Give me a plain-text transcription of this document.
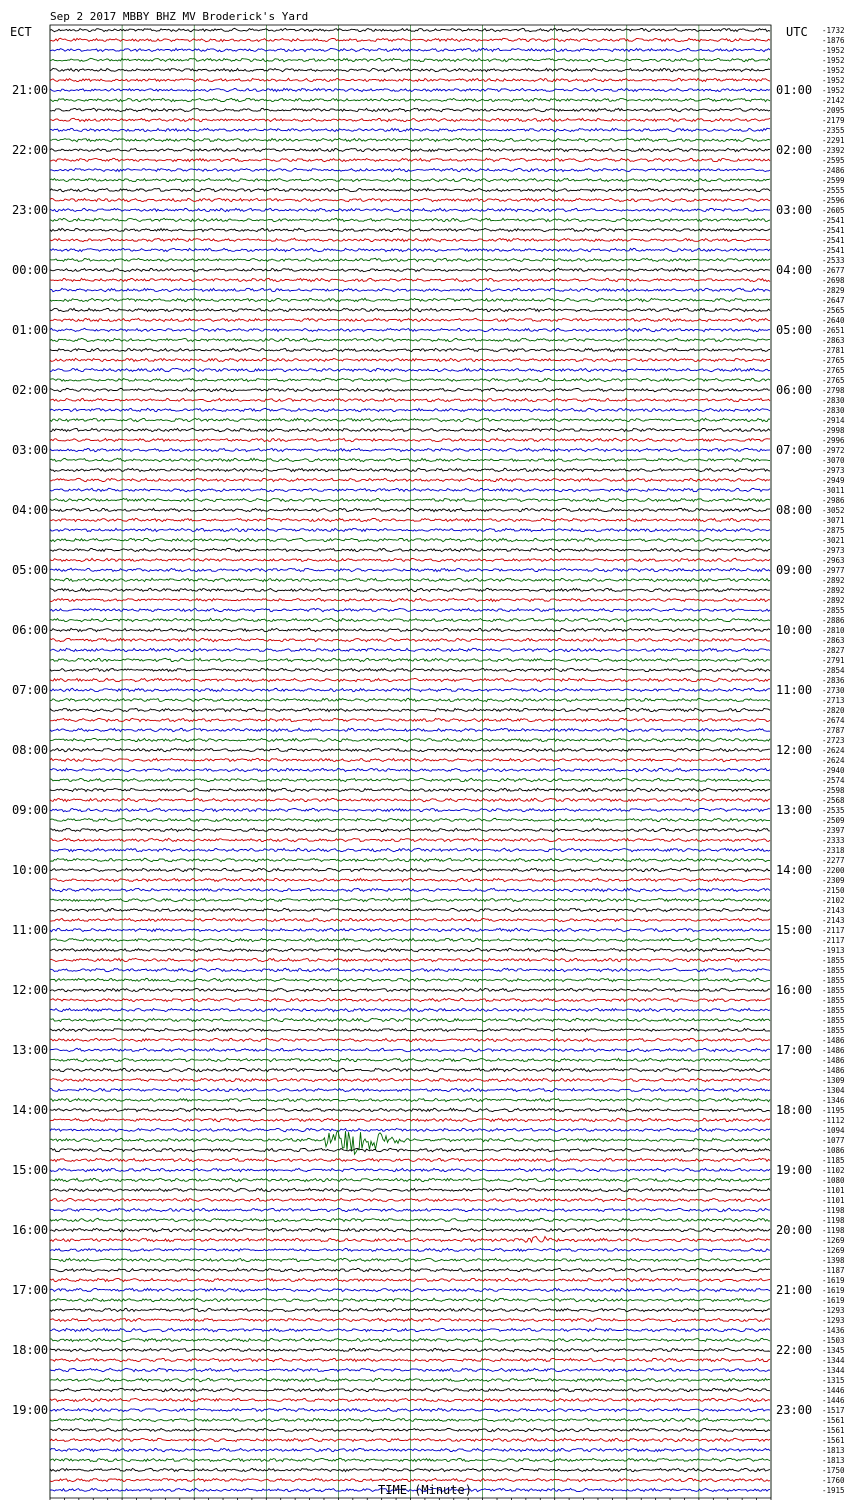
Sep 2 2017 MBBY BHZ MV Broderick's Yard
ECT	UTC
21:00
22:00
23:00
00:00
01:00
02:00
03:00
04:00
05:00
06:00
07:00
08:00
09:00
10:00
11:00
12:00
13:00
14:00
15:00
16:00
17:00
18:00
19:00
01:00
02:00
03:00
04:00
05:00
06:00
07:00
08:00
09:00
10:00
11:00
12:00
13:00
14:00
15:00
16:00
17:00
18:00
19:00
20:00
21:00
22:00
23:00
-1732
-1876
-1952
-1952
-1952
-1952
-1952
-2142
-2095
-2179
-2355
-2291
-2392
-2595
-2486
-2599
-2555
-2596
-2605
-2541
-2541
-2541
-2541
-2533
-2677
-2698
-2829
-2647
-2565
-2640
-2651
-2863
-2781
-2765
-2765
-2765
-2798
-2830
-2830
-2914
-2998
-2996
-2972
-3070
-2973
-2949
-3011
-2986
-3052
-3071
-2875
-3021
-2973
-2963
-2977
-2892
-2892
-2892
-2855
-2886
-2810
-2863
-2827
-2791
-2854
-2836
-2730
-2713
-2820
-2674
-2787
-2723
-2624
-2624
-2940
-2574
-2598
-2568
-2535
-2509
-2397
-2333
-2318
-2277
-2200
-2309
-2150
-2102
-2143
-2143
-2117
-2117
-1913
-1855
-1855
-1855
-1855
-1855
-1855
-1855
-1855
-1486
-1486
-1486
-1486
-1309
-1304
-1346
-1195
-1112
-1094
-1077
-1086
-1185
-1102
-1080
-1101
-1101
-1198
-1198
-1198
-1269
-1269
-1398
-1187
-1619
-1619
-1619
-1293
-1293
-1436
-1503
-1345
-1344
-1344
-1315
-1446
-1446
-1517
-1561
-1561
-1561
-1813
-1813
-1750
-1760
-1915
TIME (Minute)
